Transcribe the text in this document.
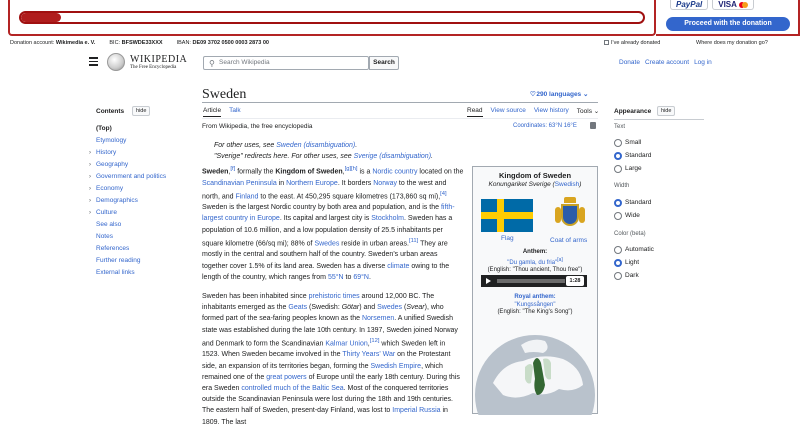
PayPal	VISA
Proceed with the donation
Donation account: Wikimedia e. V.	BIC: BFSWDE33XXX	IBAN: DE09 3702 0500 0003 2873 00	I've already donated	Where does my donation go?
WIKIPEDIA
The Free Encyclopedia	⚲ Search Wikipedia	Search	Donate Create account Log in
Contents	hide
(Top)
Etymology
› History
› Geography
› Government and politics
› Economy
› Demographics
› Culture
See also
Notes
References
Further reading
External links
Sweden	♡ 290 languages ⌄
Article Talk	Read View source View history Tools ⌄
From Wikipedia, the free encyclopedia	Coordinates: 63°N 16°E
For other uses, see Sweden (disambiguation).
"Sverige" redirects here. For other uses, see Sverige (disambiguation).
Sweden,[f] formally the Kingdom of Sweden,[g][h] is a Nordic country located on the Scandinavian Peninsula in Northern Europe. It borders Norway to the west and north, and Finland to the east. At 450,295 square kilometres (173,860 sq mi),[4] Sweden is the largest Nordic country by both area and population, and is the fifth-largest country in Europe. Its capital and largest city is Stockholm. Sweden has a population of 10.6 million, and a low population density of 25.5 inhabitants per square kilometre (66/sq mi); 88% of Swedes reside in urban areas.[11] They are mostly in the central and southern half of the country. Sweden's urban areas together cover 1.5% of its land area. Sweden has a diverse climate owing to the length of the country, which ranges from 55°N to 69°N.
Sweden has been inhabited since prehistoric times around 12,000 BC. The inhabitants emerged as the Geats (Swedish: Götar) and Swedes (Svear), who formed part of the sea-faring peoples known as the Norsemen. A unified Swedish state was established during the late 10th century. In 1397, Sweden joined Norway and Denmark to form the Scandinavian Kalmar Union,[12] which Sweden left in 1523. When Sweden became involved in the Thirty Years' War on the Protestant side, an expansion of its territories began, forming the Swedish Empire, which remained one of the great powers of Europe until the early 18th century. During this era Sweden controlled much of the Baltic Sea. Most of the conquered territories outside the Scandinavian Peninsula were lost during the 18th and 19th centuries. The eastern half of Sweden, present-day Finland, was lost to Imperial Russia in 1809. The last
Kingdom of Sweden
Konungariket Sverige (Swedish)
Flag	Coat of arms
Anthem:
"Du gamla, du fria"[a]
(English: "Thou ancient, Thou free")
1:28
Royal anthem:
"Kungssången"
(English: "The King's Song")
Appearance	hide
Text
Small
Standard
Large
Width
Standard
Wide
Color (beta)
Automatic
Light
Dark
